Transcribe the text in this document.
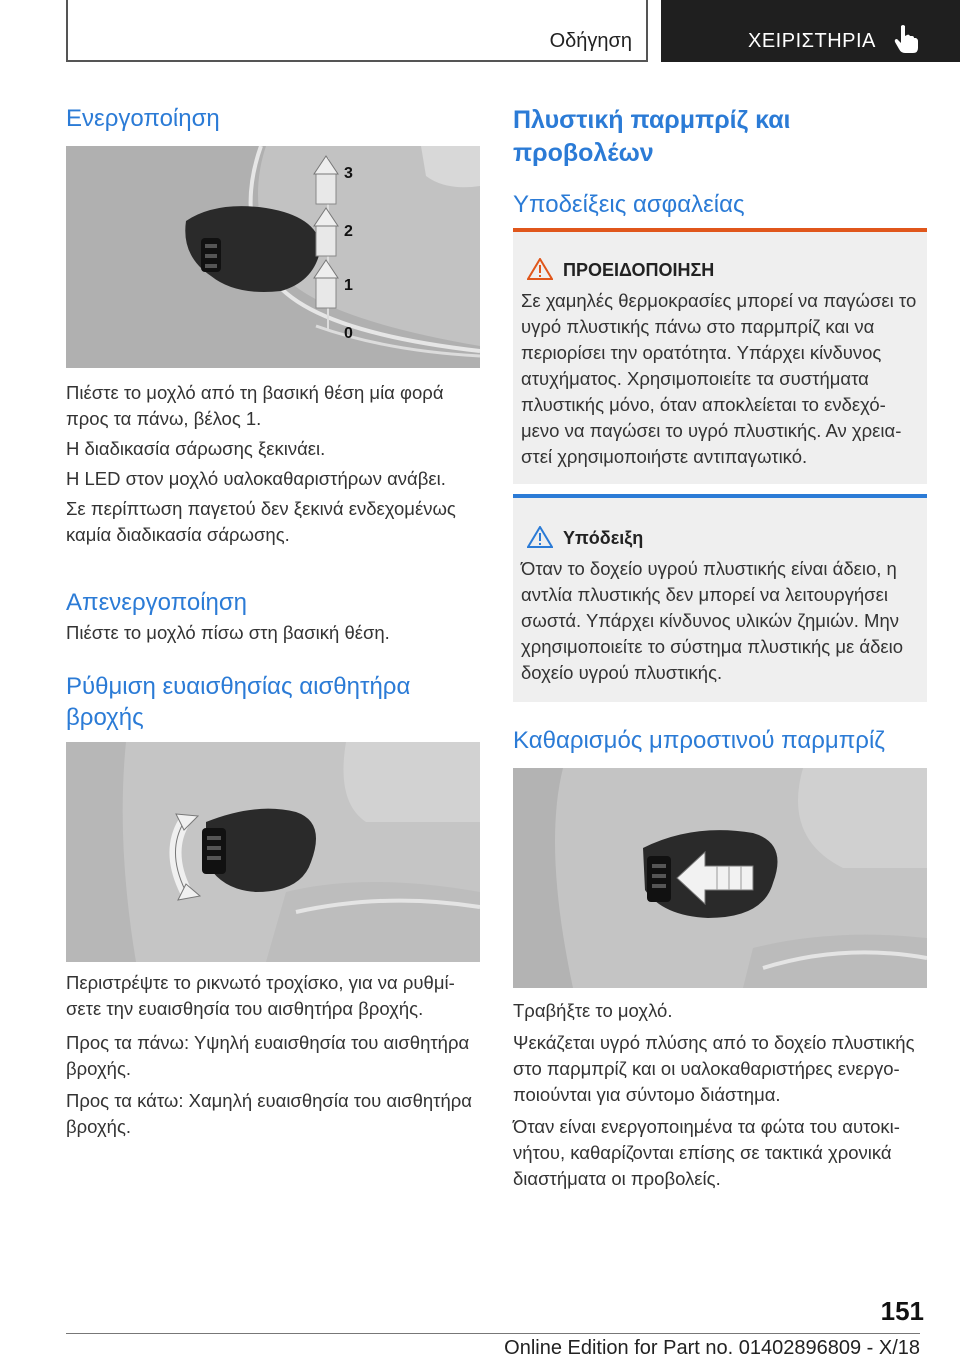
Οδήγηση	ΧΕΙΡΙΣΤΗΡΙΑ
Ενεργοποίηση
3
2
1
0

Πιέστε το μοχλό από τη βασική θέση μία φορά προς τα πάνω, βέλος 1.

Η διαδικασία σάρωσης ξεκινάει.

Η LED στον μοχλό υαλοκαθαριστήρων ανάβει.

Σε περίπτωση παγετού δεν ξεκινά ενδεχομένως καμία διαδικασία σάρωσης.

Απενεργοποίηση

Πιέστε το μοχλό πίσω στη βασική θέση.

Ρύθμιση ευαισθησίας αισθητήρα βροχής

Περιστρέψτε το ρικνωτό τροχίσκο, για να ρυθμίσετε την ευαισθησία του αισθητήρα βροχής.

Προς τα πάνω: Υψηλή ευαισθησία του αισθητήρα βροχής.

Προς τα κάτω: Χαμηλή ευαισθησία του αισθητήρα βροχής.

Πλυστική παρμπρίζ και προβολέων
Υποδείξεις ασφαλείας
ΠΡΟΕΙΔΟΠΟΙΗΣΗ

Σε χαμηλές θερμοκρασίες μπορεί να παγώσει το υγρό πλυστικής πάνω στο παρμπρίζ και να περιορίσει την ορατότητα. Υπάρχει κίνδυνος ατυχήματος. Χρησιμοποιείτε τα συστήματα πλυστικής μόνο, όταν αποκλείεται το ενδεχόμενο να παγώσει το υγρό πλυστικής. Αν χρειαστεί χρησιμοποιήστε αντιπαγωτικό.

Υπόδειξη

Όταν το δοχείο υγρού πλυστικής είναι άδειο, η αντλία πλυστικής δεν μπορεί να λειτουργήσει σωστά. Υπάρχει κίνδυνος υλικών ζημιών. Μην χρησιμοποιείτε το σύστημα πλυστικής με άδειο δοχείο υγρού πλυστικής.

Καθαρισμός μπροστινού παρμπρίζ

Τραβήξτε το μοχλό.

Ψεκάζεται υγρό πλύσης από το δοχείο πλυστικής στο παρμπρίζ και οι υαλοκαθαριστήρες ενεργοποιούνται για σύντομο διάστημα.

Όταν είναι ενεργοποιημένα τα φώτα του αυτοκινήτου, καθαρίζονται επίσης σε τακτικά χρονικά διαστήματα οι προβολείς.

151
Online Edition for Part no. 01402896809 - X/18
